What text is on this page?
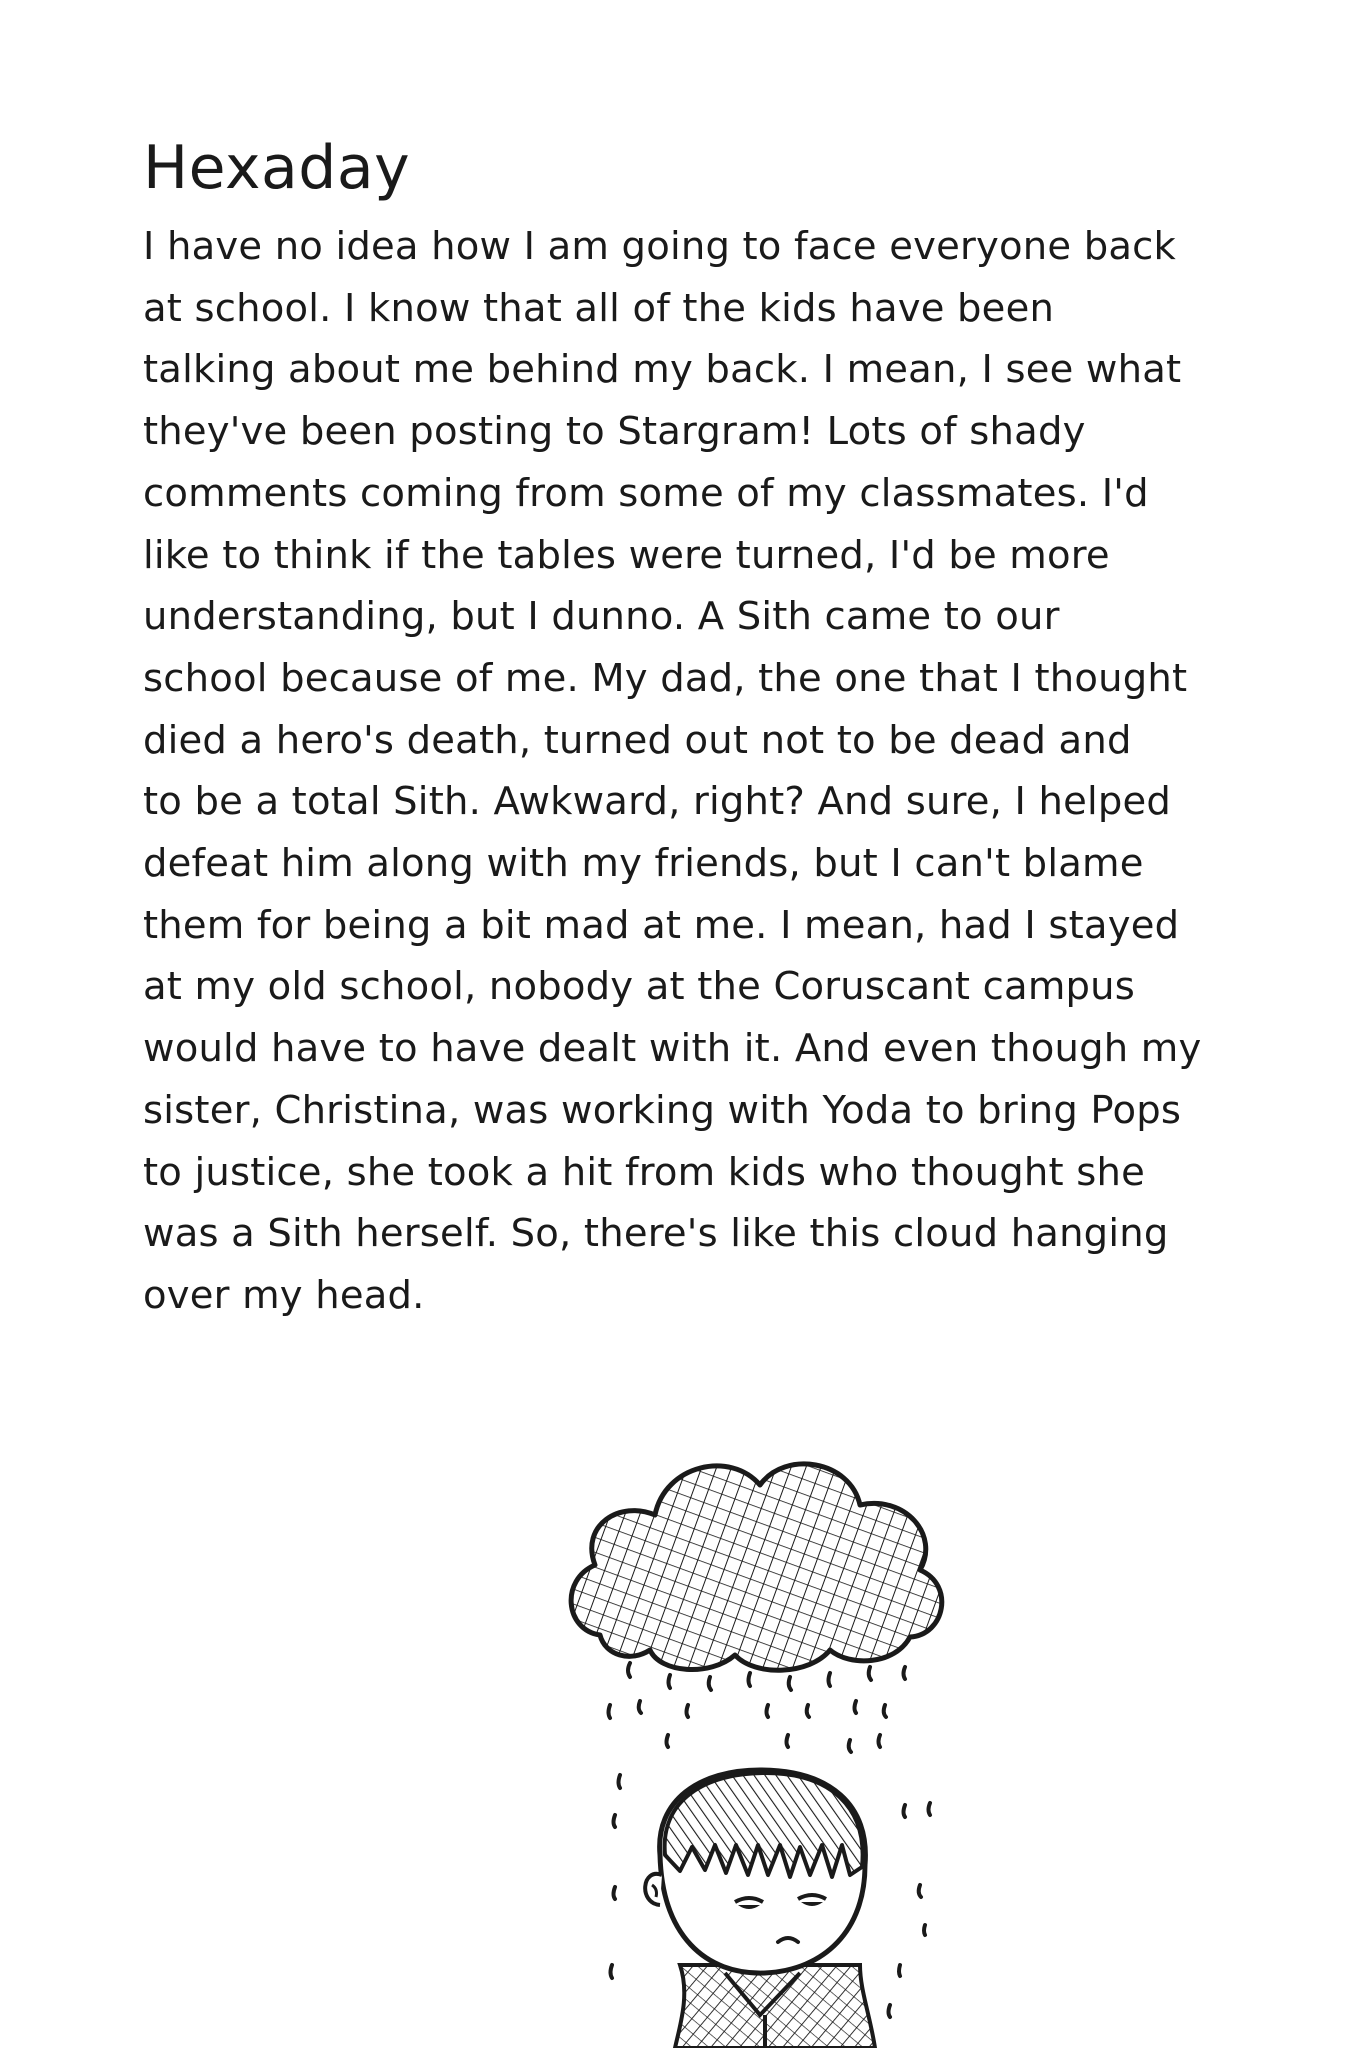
Hexaday
I have no idea how I am going to face everyone back
at school. I know that all of the kids have been
talking about me behind my back. I mean, I see what
they've been posting to Stargram! Lots of shady
comments coming from some of my classmates. I'd
like to think if the tables were turned, I'd be more
understanding, but I dunno. A Sith came to our
school because of me. My dad, the one that I thought
died a hero's death, turned out not to be dead and
to be a total Sith. Awkward, right? And sure, I helped
defeat him along with my friends, but I can't blame
them for being a bit mad at me. I mean, had I stayed
at my old school, nobody at the Coruscant campus
would have to have dealt with it. And even though my
sister, Christina, was working with Yoda to bring Pops
to justice, she took a hit from kids who thought she
was a Sith herself. So, there's like this cloud hanging
over my head.
